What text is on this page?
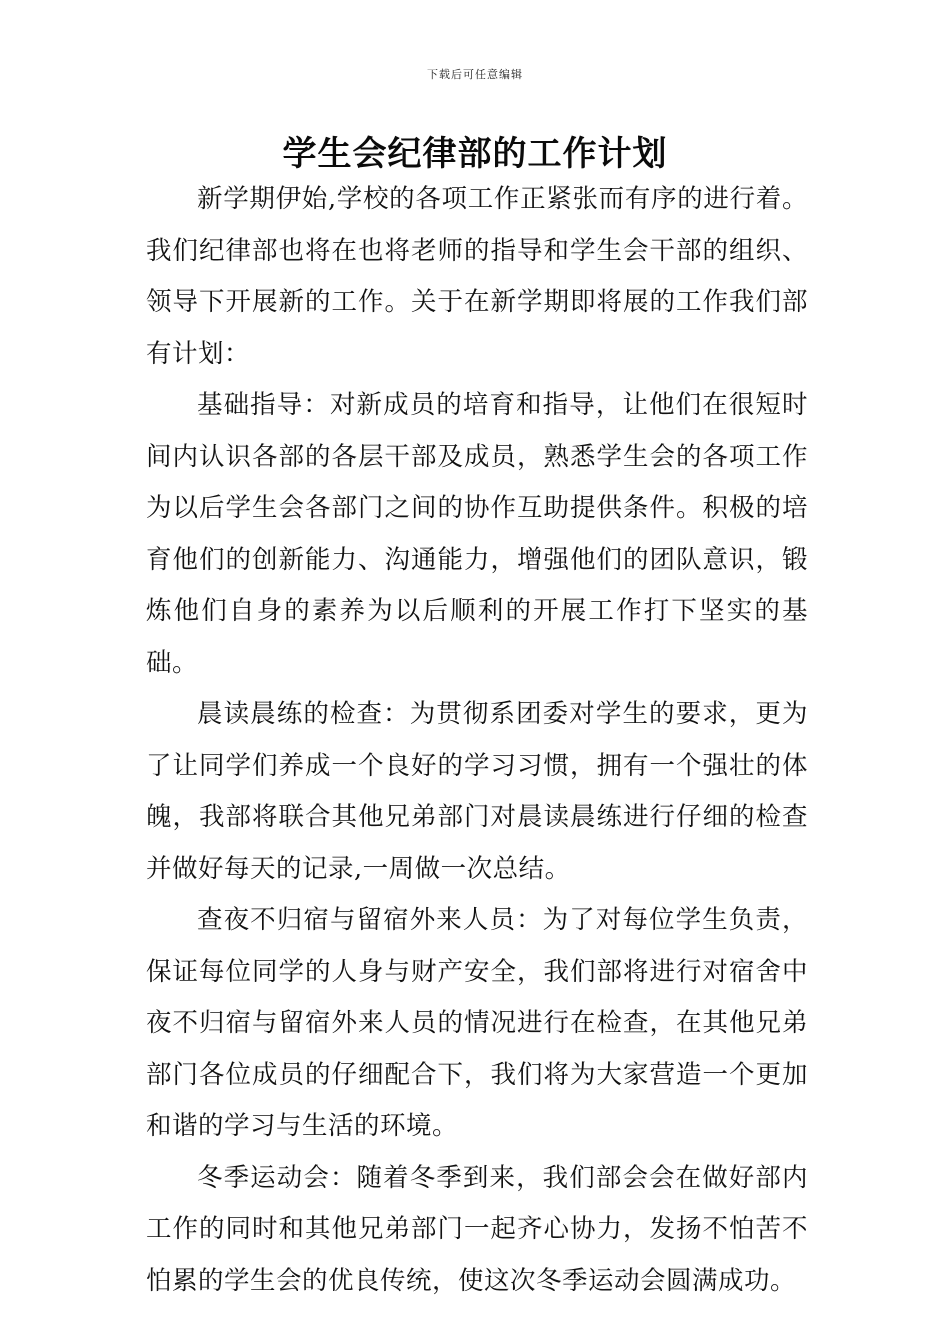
下载后可任意编辑
学生会纪律部的工作计划

新学期伊始,学校的各项工作正紧张而有序的进行着。我们纪律部也将在也将老师的指导和学生会干部的组织、领导下开展新的工作。关于在新学期即将展的工作我们部有计划：

基础指导：对新成员的培育和指导，让他们在很短时间内认识各部的各层干部及成员，熟悉学生会的各项工作为以后学生会各部门之间的协作互助提供条件。积极的培育他们的创新能力、沟通能力，增强他们的团队意识，锻炼他们自身的素养为以后顺利的开展工作打下坚实的基础。

晨读晨练的检查：为贯彻系团委对学生的要求，更为了让同学们养成一个良好的学习习惯，拥有一个强壮的体魄，我部将联合其他兄弟部门对晨读晨练进行仔细的检查并做好每天的记录,一周做一次总结。

查夜不归宿与留宿外来人员：为了对每位学生负责，保证每位同学的人身与财产安全，我们部将进行对宿舍中夜不归宿与留宿外来人员的情况进行在检查，在其他兄弟部门各位成员的仔细配合下，我们将为大家营造一个更加和谐的学习与生活的环境。

冬季运动会：随着冬季到来，我们部会会在做好部内工作的同时和其他兄弟部门一起齐心协力，发扬不怕苦不怕累的学生会的优良传统，使这次冬季运动会圆满成功。
